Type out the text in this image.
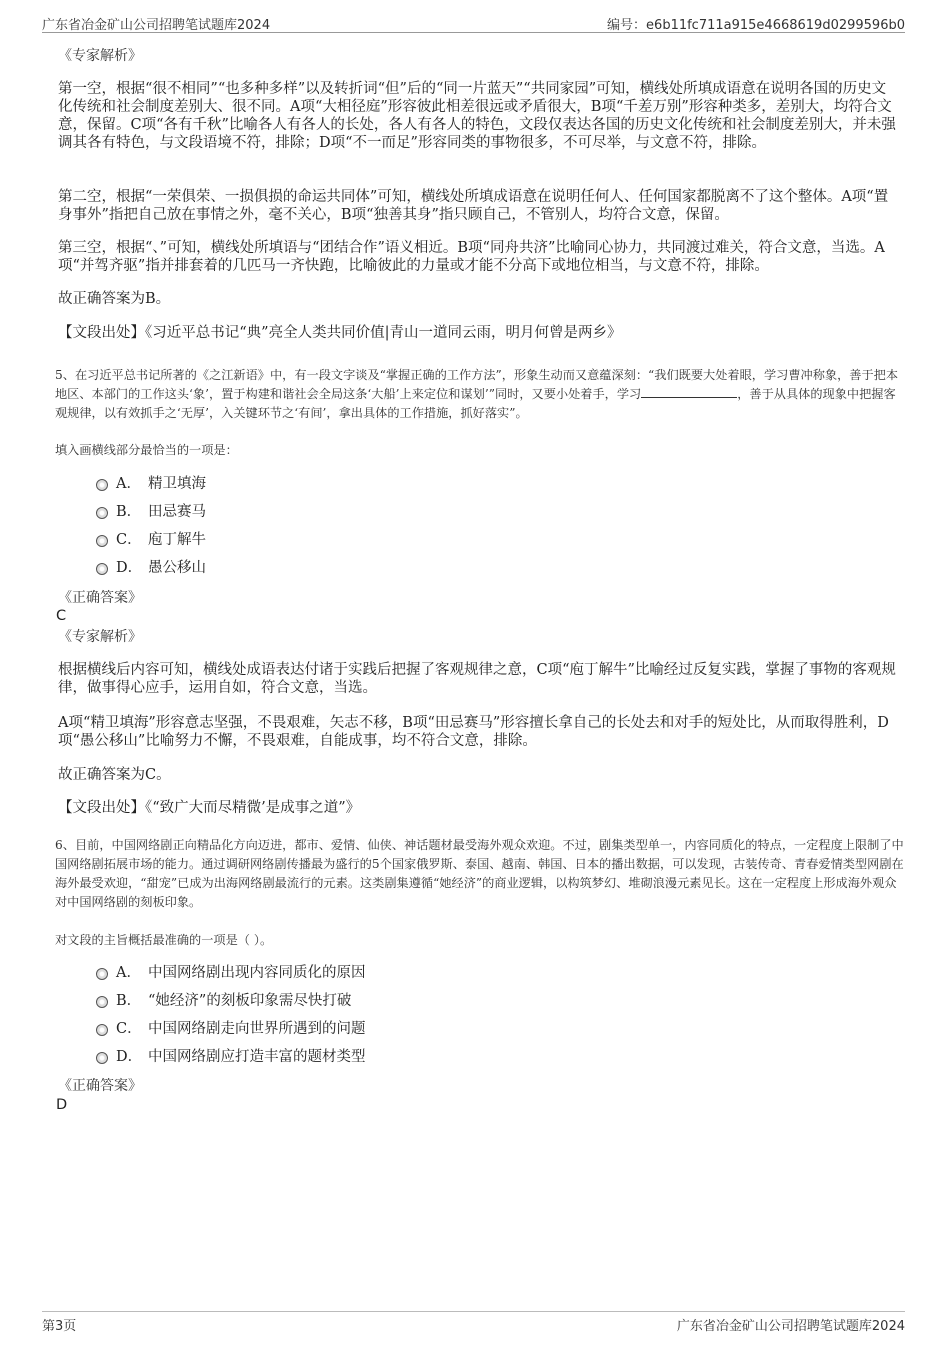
广东省冶金矿山公司招聘笔试题库2024	编号：e6b11fc711a915e4668619d0299596b0
《专家解析》

第一空，根据“很不相同”“也多种多样”以及转折词“但”后的“同一片蓝天”“共同家园”可知，横线处所填成语意在说明各国的历史文化传统和社会制度差别大、很不同。A项“大相径庭”形容彼此相差很远或矛盾很大，B项“千差万别”形容种类多，差别大，均符合文意，保留。C项“各有千秋”比喻各人有各人的长处，各人有各人的特色，文段仅表达各国的历史文化传统和社会制度差别大，并未强调其各有特色，与文段语境不符，排除；D项“不一而足”形容同类的事物很多，不可尽举，与文意不符，排除。

第二空，根据“一荣俱荣、一损俱损的命运共同体”可知，横线处所填成语意在说明任何人、任何国家都脱离不了这个整体。A项“置身事外”指把自己放在事情之外，毫不关心，B项“独善其身”指只顾自己，不管别人，均符合文意，保留。

第三空，根据“、”可知，横线处所填语与“团结合作”语义相近。B项“同舟共济”比喻同心协力，共同渡过难关，符合文意，当选。A项“并驾齐驱”指并排套着的几匹马一齐快跑，比喻彼此的力量或才能不分高下或地位相当，与文意不符，排除。

故正确答案为B。

【文段出处】《习近平总书记“典”亮全人类共同价值|青山一道同云雨，明月何曾是两乡》

5、在习近平总书记所著的《之江新语》中，有一段文字谈及“掌握正确的工作方法”，形象生动而又意蕴深刻：“我们既要大处着眼，学习曹冲称象，善于把本地区、本部门的工作这头‘象’，置于构建和谐社会全局这条‘大船’上来定位和谋划’”同时，又要小处着手，学习	，善于从具体的现象中把握客观规律，以有效抓手之‘无厚’，入关键环节之‘有间’，拿出具体的工作措施，抓好落实”。

填入画横线部分最恰当的一项是：
A． 精卫填海
B． 田忌赛马
C． 庖丁解牛
D． 愚公移山
《正确答案》
C
《专家解析》

根据横线后内容可知，横线处成语表达付诸于实践后把握了客观规律之意，C项“庖丁解牛”比喻经过反复实践，掌握了事物的客观规律，做事得心应手，运用自如，符合文意，当选。

A项“精卫填海”形容意志坚强，不畏艰难，矢志不移，B项“田忌赛马”形容擅长拿自己的长处去和对手的短处比，从而取得胜利，D项“愚公移山”比喻努力不懈，不畏艰难，自能成事，均不符合文意，排除。

故正确答案为C。

【文段出处】《“致广大而尽精微’是成事之道”》

6、目前，中国网络剧正向精品化方向迈进，都市、爱情、仙侠、神话题材最受海外观众欢迎。不过，剧集类型单一，内容同质化的特点，一定程度上限制了中国网络剧拓展市场的能力。通过调研网络剧传播最为盛行的5个国家俄罗斯、泰国、越南、韩国、日本的播出数据，可以发现，古装传奇、青春爱情类型网剧在海外最受欢迎，“甜宠”已成为出海网络剧最流行的元素。这类剧集遵循“她经济”的商业逻辑，以构筑梦幻、堆砌浪漫元素见长。这在一定程度上形成海外观众对中国网络剧的刻板印象。

对文段的主旨概括最准确的一项是（ ）。
A． 中国网络剧出现内容同质化的原因
B． “她经济”的刻板印象需尽快打破
C． 中国网络剧走向世界所遇到的问题
D． 中国网络剧应打造丰富的题材类型
《正确答案》
D
第3页	广东省冶金矿山公司招聘笔试题库2024
